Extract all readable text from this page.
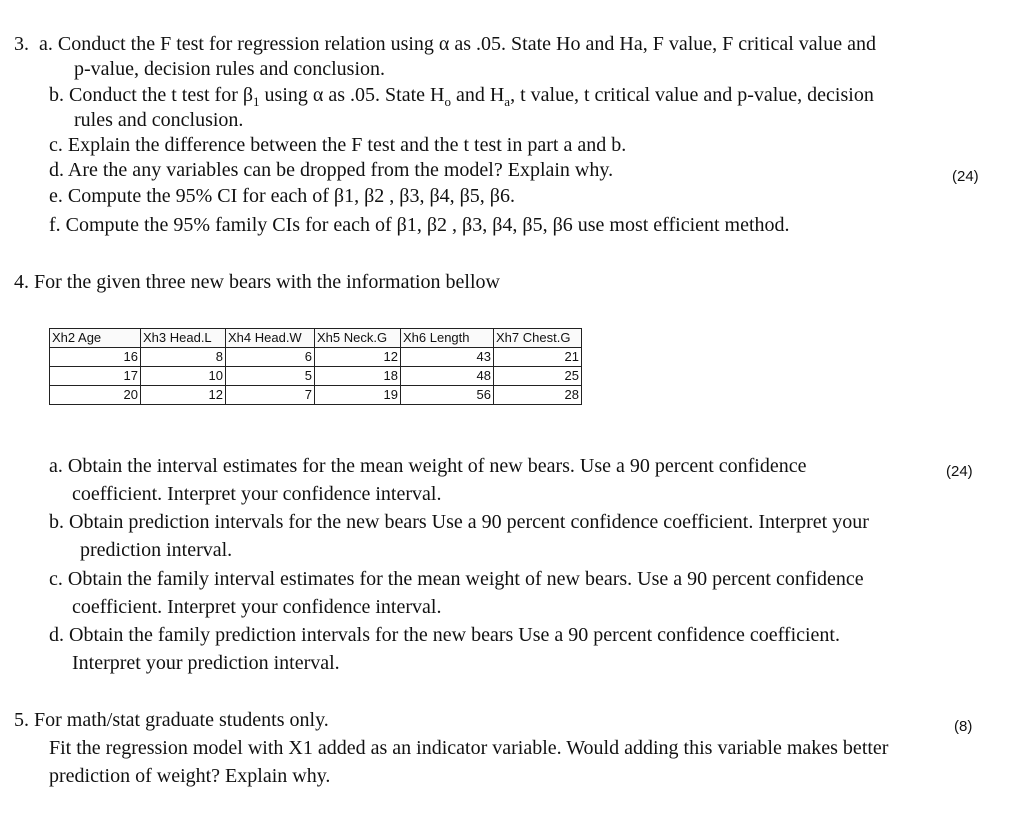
3. a. Conduct the F test for regression relation using α as .05. State Ho and Ha, F value, F critical value and
p-value, decision rules and conclusion.
b. Conduct the t test for $\beta_1$ using α as .05. State $H_o$ and $H_a$, t value, t critical value and p-value, decision
rules and conclusion.
c. Explain the difference between the F test and the t test in part a and b.
d. Are the any variables can be dropped from the model? Explain why.
e. Compute the 95% CI for each of β1, β2 , β3, β4, β5, β6.
f. Compute the 95% family CIs for each of β1, β2 , β3, β4, β5, β6 use most efficient method.
(24)
4. For the given three new bears with the information bellow
Xh2 Age	Xh3 Head.L	Xh4 Head.W	Xh5 Neck.G	Xh6 Length	Xh7 Chest.G
16	8	6	12	43	21
17	10	5	18	48	25
20	12	7	19	56	28
a. Obtain the interval estimates for the mean weight of new bears. Use a 90 percent confidence
coefficient. Interpret your confidence interval.
b. Obtain prediction intervals for the new bears Use a 90 percent confidence coefficient. Interpret your
prediction interval.
c. Obtain the family interval estimates for the mean weight of new bears. Use a 90 percent confidence
coefficient. Interpret your confidence interval.
d. Obtain the family prediction intervals for the new bears Use a 90 percent confidence coefficient.
Interpret your prediction interval.
(24)
5. For math/stat graduate students only.
Fit the regression model with X1 added as an indicator variable. Would adding this variable makes better
prediction of weight? Explain why.
(8)
